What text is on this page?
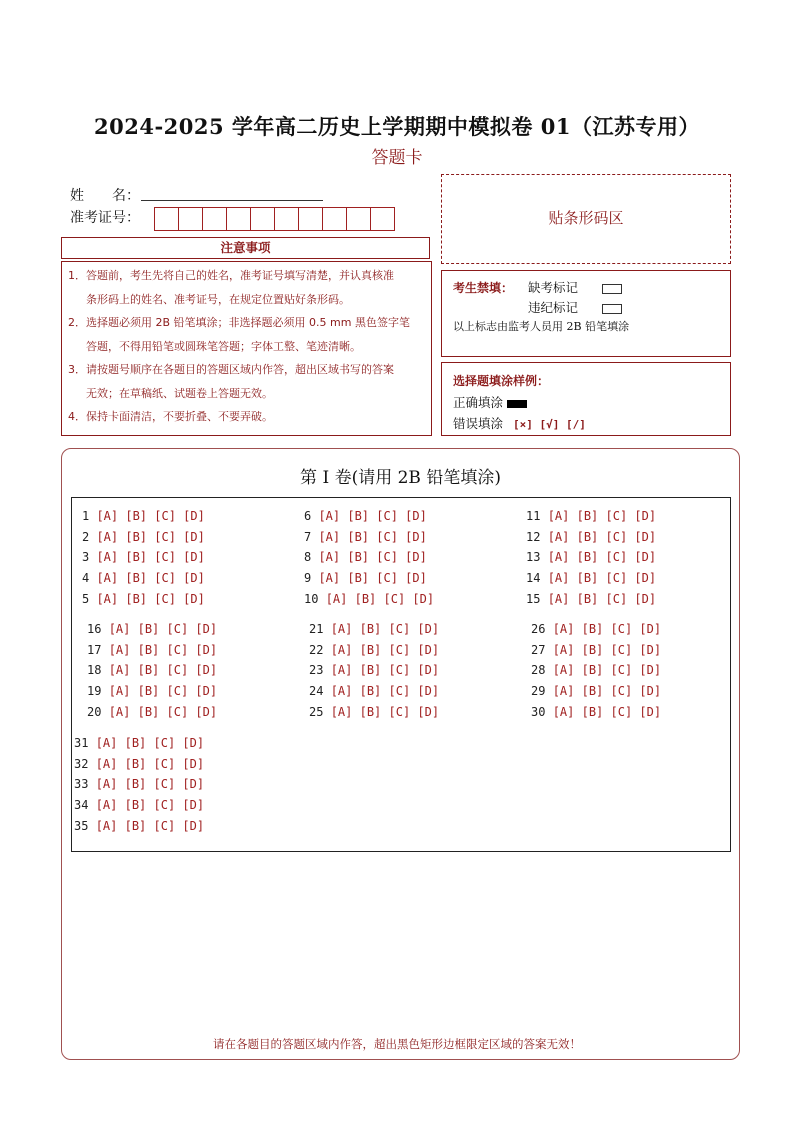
2024-2025 学年高二历史上学期期中模拟卷 01（江苏专用）
答题卡
姓　　名：
准考证号：
注意事项

1．答题前，考生先将自己的姓名，准考证号填写清楚，并认真核准

条形码上的姓名、准考证号，在规定位置贴好条形码。

2．选择题必须用 2B 铅笔填涂；非选择题必须用 0.5 mm 黑色签字笔

答题，不得用铅笔或圆珠笔答题；字体工整、笔迹清晰。

3．请按题号顺序在各题目的答题区域内作答，超出区域书写的答案

无效；在草稿纸、试题卷上答题无效。

4．保持卡面清洁，不要折叠、不要弄破。

贴条形码区
考生禁填： 缺考标记
违纪标记
以上标志由监考人员用 2B 铅笔填涂
选择题填涂样例：
正确填涂
错误填涂 [×] [√] [/]
第 I 卷(请用 2B 铅笔填涂)
1 [A] [B] [C] [D]
2 [A] [B] [C] [D]
3 [A] [B] [C] [D]
4 [A] [B] [C] [D]
5 [A] [B] [C] [D]
6 [A] [B] [C] [D]
7 [A] [B] [C] [D]
8 [A] [B] [C] [D]
9 [A] [B] [C] [D]
10 [A] [B] [C] [D]
11 [A] [B] [C] [D]
12 [A] [B] [C] [D]
13 [A] [B] [C] [D]
14 [A] [B] [C] [D]
15 [A] [B] [C] [D]
16 [A] [B] [C] [D]
17 [A] [B] [C] [D]
18 [A] [B] [C] [D]
19 [A] [B] [C] [D]
20 [A] [B] [C] [D]
21 [A] [B] [C] [D]
22 [A] [B] [C] [D]
23 [A] [B] [C] [D]
24 [A] [B] [C] [D]
25 [A] [B] [C] [D]
26 [A] [B] [C] [D]
27 [A] [B] [C] [D]
28 [A] [B] [C] [D]
29 [A] [B] [C] [D]
30 [A] [B] [C] [D]
31 [A] [B] [C] [D]
32 [A] [B] [C] [D]
33 [A] [B] [C] [D]
34 [A] [B] [C] [D]
35 [A] [B] [C] [D]
请在各题目的答题区域内作答，超出黑色矩形边框限定区域的答案无效！
